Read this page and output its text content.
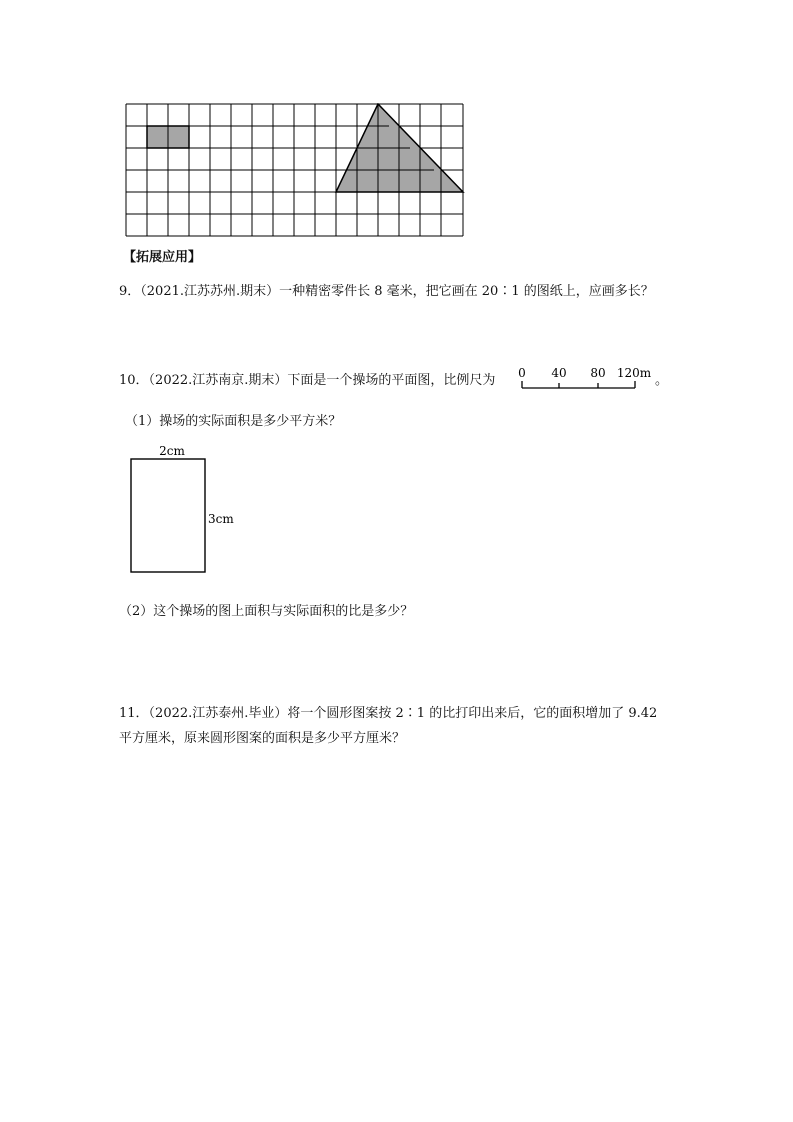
【拓展应用】
9．（2021.江苏苏州.期末）一种精密零件长 8 毫米，把它画在 20∶1 的图纸上，应画多长？
10．（2022.江苏南京.期末）下面是一个操场的平面图，比例尺为 0 40 80 120m 。
（1）操场的实际面积是多少平方米？
2cm
3cm
（2）这个操场的图上面积与实际面积的比是多少？
11．（2022.江苏泰州.毕业）将一个圆形图案按 2∶1 的比打印出来后，它的面积增加了 9.42
平方厘米，原来圆形图案的面积是多少平方厘米？
